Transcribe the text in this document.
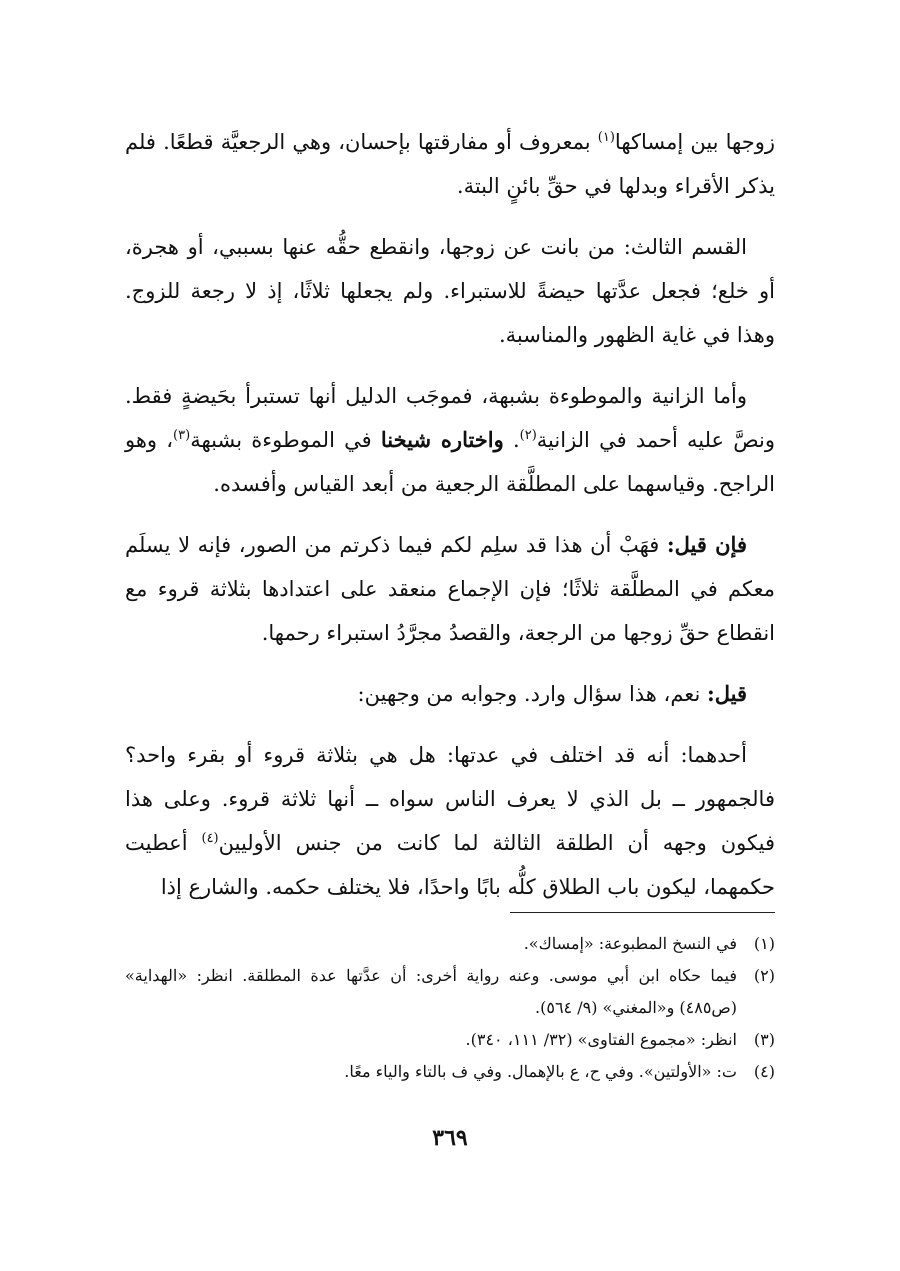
زوجها بين إمساكها$^{(١)}$ بمعروف أو مفارقتها بإحسان، وهي الرجعيَّة قطعًا. فلم يذكر الأقراء وبدلها في حقِّ بائنٍ البتة.

القسم الثالث: من بانت عن زوجها، وانقطع حقُّه عنها بسببي، أو هجرة، أو خلع؛ فجعل عدَّتها حيضةً للاستبراء. ولم يجعلها ثلاثًا، إذ لا رجعة للزوج. وهذا في غاية الظهور والمناسبة.

وأما الزانية والموطوءة بشبهة، فموجَب الدليل أنها تستبرأ بحَيضةٍ فقط. ونصَّ عليه أحمد في الزانية$^{(٢)}$. واختاره شيخنا في الموطوءة بشبهة$^{(٣)}$، وهو الراجح. وقياسهما على المطلَّقة الرجعية من أبعد القياس وأفسده.

فإن قيل: فهَبْ أن هذا قد سلِم لكم فيما ذكرتم من الصور، فإنه لا يسلَم معكم في المطلَّقة ثلاثًا؛ فإن الإجماع منعقد على اعتدادها بثلاثة قروء مع انقطاع حقِّ زوجها من الرجعة، والقصدُ مجرَّدُ استبراء رحمها.

قيل: نعم، هذا سؤال وارد. وجوابه من وجهين:

أحدهما: أنه قد اختلف في عدتها: هل هي بثلاثة قروء أو بقرء واحد؟ فالجمهور ــ بل الذي لا يعرف الناس سواه ــ أنها ثلاثة قروء. وعلى هذا فيكون وجهه أن الطلقة الثالثة لما كانت من جنس الأوليين$^{(٤)}$ أعطيت حكمهما، ليكون باب الطلاق كلُّه بابًا واحدًا، فلا يختلف حكمه. والشارع إذا

(١)
في النسخ المطبوعة: «إمساك».
(٢)
فيما حكاه ابن أبي موسى. وعنه رواية أخرى: أن عدَّتها عدة المطلقة. انظر: «الهداية» (ص٤٨٥) و«المغني» (٩/ ٥٦٤).
(٣)
انظر: «مجموع الفتاوى» (٣٢/ ١١١، ٣٤٠).
(٤)
ت: «الأولتين». وفي ح، ع بالإهمال. وفي ف بالتاء والياء معًا.
٣٦٩
